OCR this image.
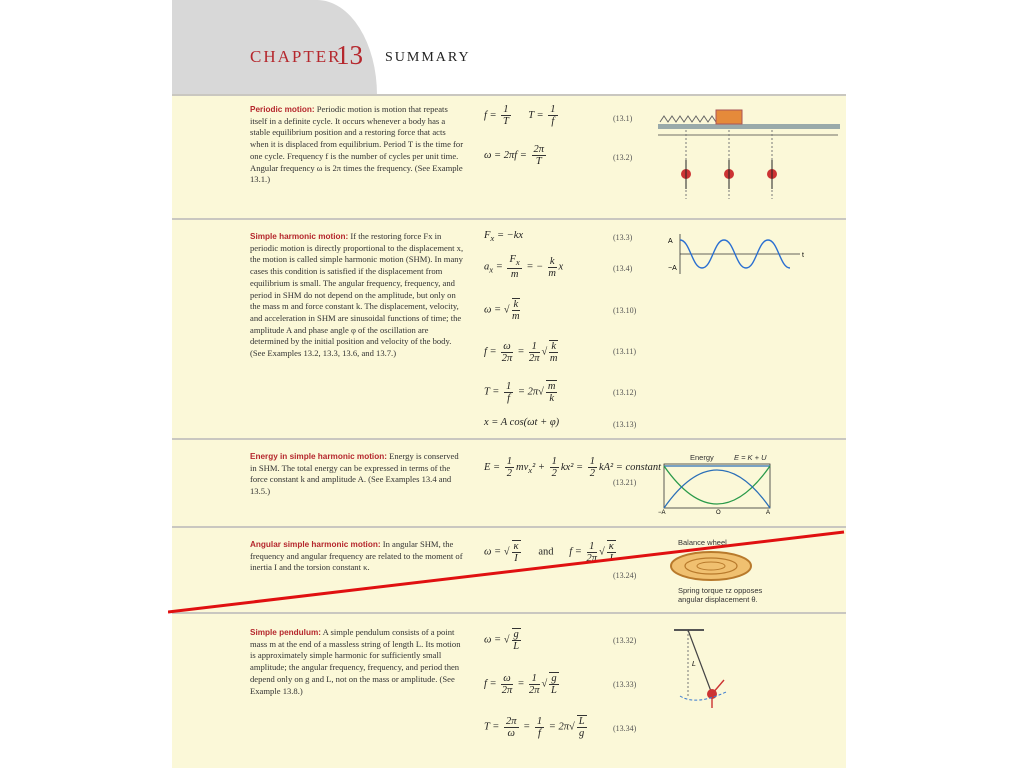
CHAPTER
13 SUMMARY
Periodic motion: Periodic motion is motion that repeats itself in a definite cycle. It occurs whenever a body has a stable equilibrium position and a restoring force that acts when it is displaced from equilibrium. Period T is the time for one cycle. Frequency f is the number of cycles per unit time. Angular frequency ω is 2π times the frequency. (See Example 13.1.)
$f = \frac{1}{T}$ $T = \frac{1}{f}$	(13.1)
$\omega = 2\pi f = \frac{2\pi}{T}$	(13.2)
Simple harmonic motion: If the restoring force Fx in periodic motion is directly proportional to the displacement x, the motion is called simple harmonic motion (SHM). In many cases this condition is satisfied if the displacement from equilibrium is small. The angular frequency, frequency, and period in SHM do not depend on the amplitude, but only on the mass m and force constant k. The displacement, velocity, and acceleration in SHM are sinusoidal functions of time; the amplitude A and phase angle φ of the oscillation are determined by the initial position and velocity of the body. (See Examples 13.2, 13.3, 13.6, and 13.7.)
$F_x = -kx$	(13.3)
$a_x = \frac{F_x}{m}$ = − $\frac{k}{m}$ x	(13.4)
ω = √ $\frac{k}{m}$	(13.10)
$f = \frac{\omega}{2\pi} = \frac{1}{2\pi}$ √ $\frac{k}{m}$	(13.11)
$T = \frac{1}{f} = 2\pi√ \frac{m}{k}$	(13.12)
x = A cos(ωt + φ)	(13.13)
A
−A
t
Energy in simple harmonic motion: Energy is conserved in SHM. The total energy can be expressed in terms of the force constant k and amplitude A. (See Examples 13.4 and 13.5.)
$E = \frac{1}{2} mv_x^2 + \frac{1}{2} kx^2 = \frac{1}{2} kA^2$ = constant
(13.21)
Energy	E = K + U
−A	O	A
Angular simple harmonic motion: In angular SHM, the frequency and angular frequency are related to the moment of inertia I and the torsion constant κ.
ω = √ $\frac{\kappa}{I}$ and      $f = \frac{1}{2\pi}$ √ κ
(13.24)
Balance wheel
Spring torque τz opposes angular displacement θ.
Simple pendulum: A simple pendulum consists of a point mass m at the end of a massless string of length L. Its motion is approximately simple harmonic for sufficiently small amplitude; the angular frequency, frequency, and period then depend only on g and L, not on the mass or amplitude. (See Example 13.8.)
ω = √ $\frac{g}{L}$	(13.32)
$f = \frac{\omega}{2\pi} = \frac{1}{2\pi}$ √ $\frac{g}{L}$	(13.33)
$T = \frac{2\pi}{\omega} = \frac{1}{f} = 2\pi√ \frac{L}{g}$	(13.34)
L
